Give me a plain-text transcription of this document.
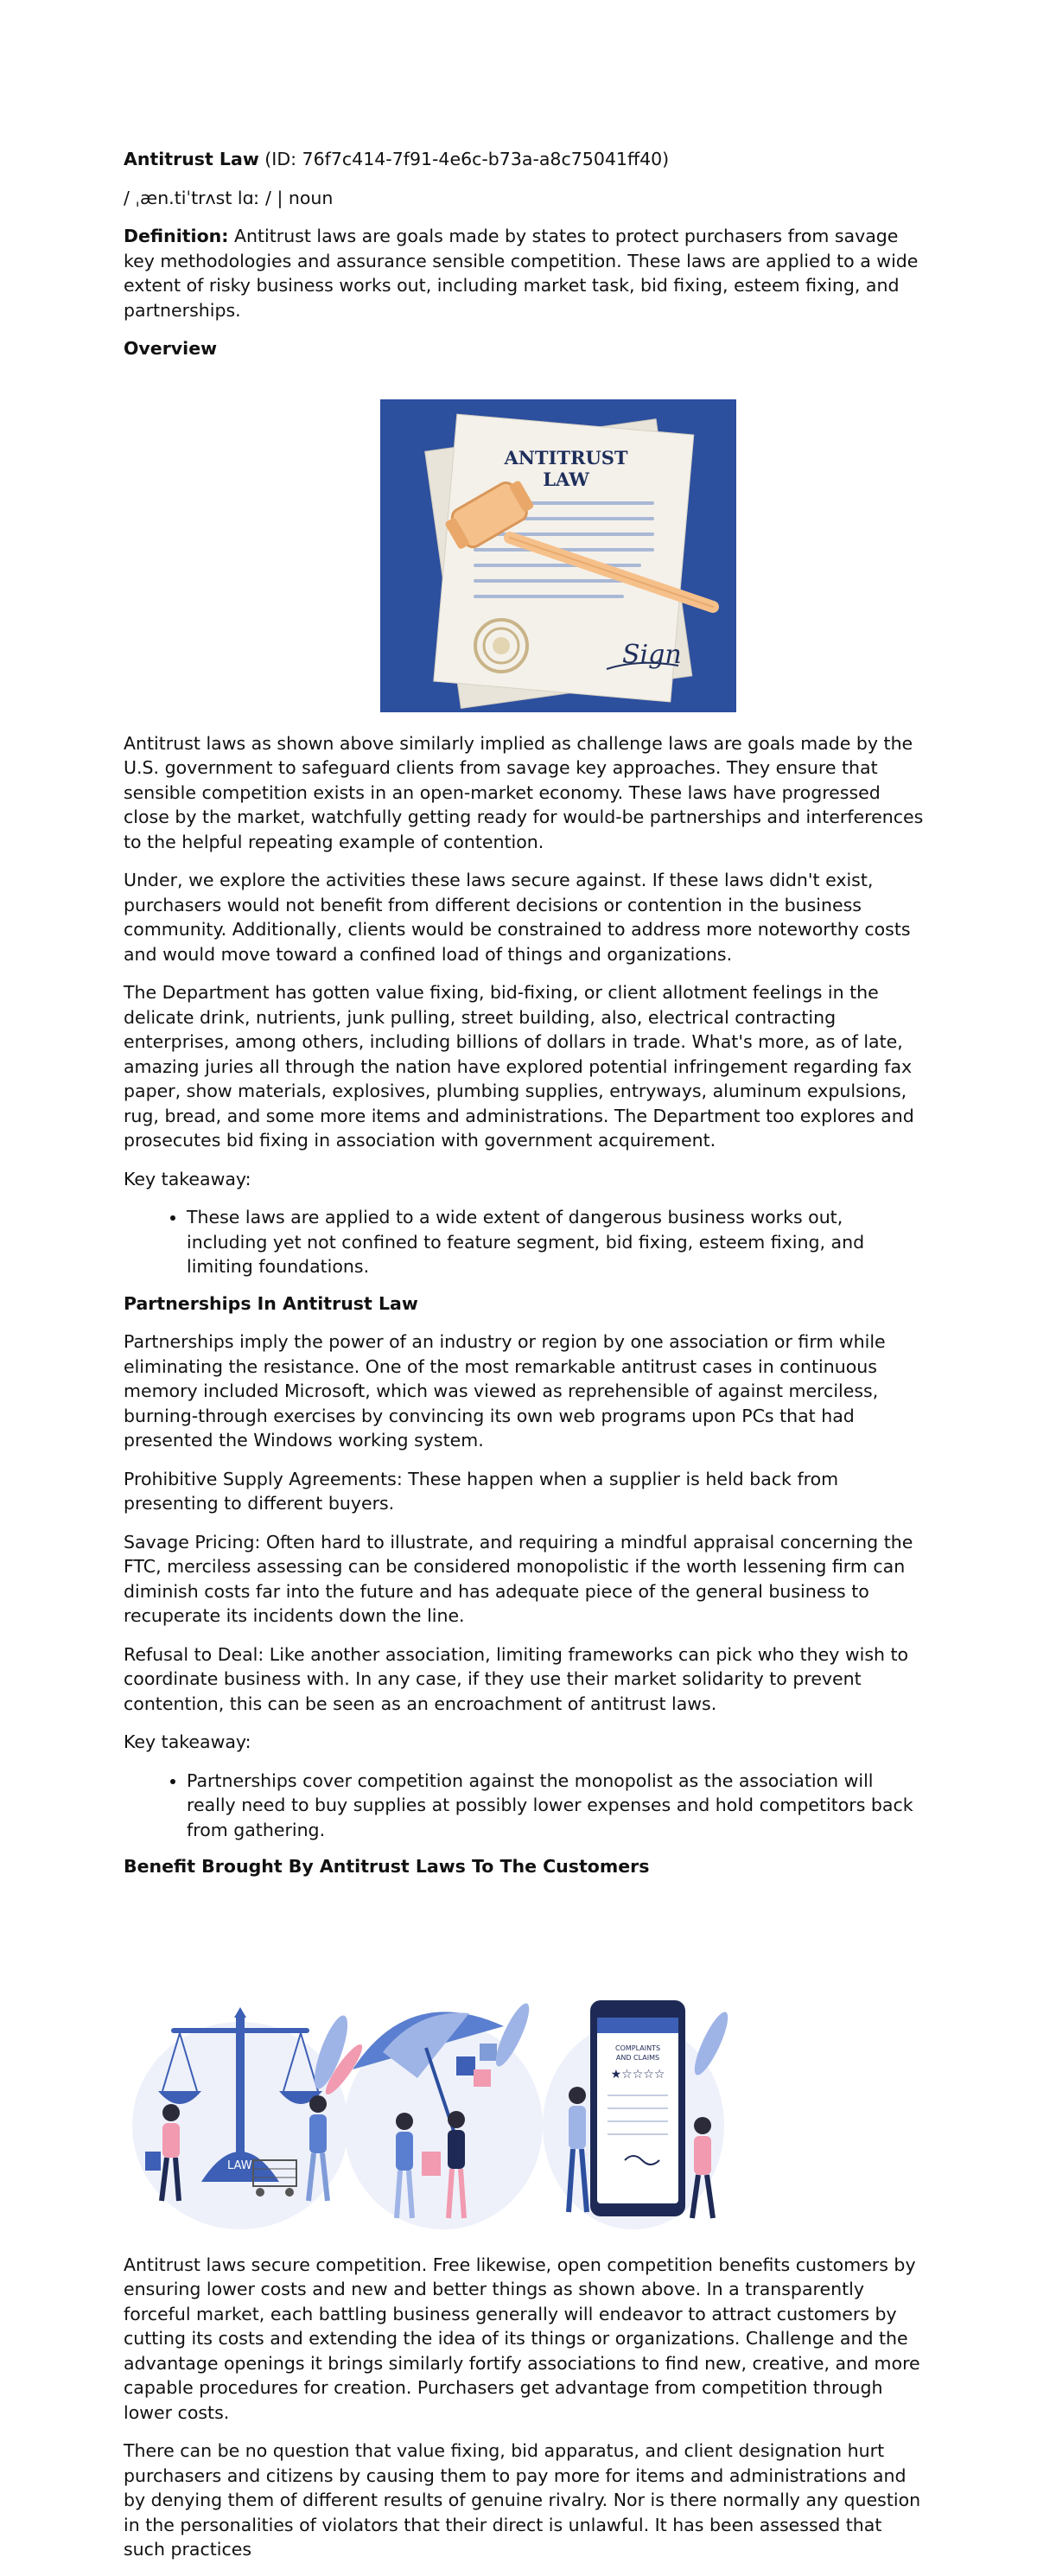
Antitrust Law (ID: 76f7c414-7f91-4e6c-b73a-a8c75041ff40)

/ ˌæn.tiˈtrʌst lɑː / | noun

Definition: Antitrust laws are goals made by states to protect purchasers from savage key methodologies and assurance sensible competition. These laws are applied to a wide extent of risky business works out, including market task, bid fixing, esteem fixing, and partnerships.

Overview
ANTITRUST
LAW
Sign

Antitrust laws as shown above similarly implied as challenge laws are goals made by the U.S. government to safeguard clients from savage key approaches. They ensure that sensible competition exists in an open-market economy. These laws have progressed close by the market, watchfully getting ready for would-be partnerships and interferences to the helpful repeating example of contention.

Under, we explore the activities these laws secure against. If these laws didn't exist, purchasers would not benefit from different decisions or contention in the business community. Additionally, clients would be constrained to address more noteworthy costs and would move toward a confined load of things and organizations.

The Department has gotten value fixing, bid-fixing, or client allotment feelings in the delicate drink, nutrients, junk pulling, street building, also, electrical contracting enterprises, among others, including billions of dollars in trade. What's more, as of late, amazing juries all through the nation have explored potential infringement regarding fax paper, show materials, explosives, plumbing supplies, entryways, aluminum expulsions, rug, bread, and some more items and administrations. The Department too explores and prosecutes bid fixing in association with government acquirement.

Key takeaway:

• These laws are applied to a wide extent of dangerous business works out, including yet not confined to feature segment, bid fixing, esteem fixing, and limiting foundations.
Partnerships In Antitrust Law

Partnerships imply the power of an industry or region by one association or firm while eliminating the resistance. One of the most remarkable antitrust cases in continuous memory included Microsoft, which was viewed as reprehensible of against merciless, burning-through exercises by convincing its own web programs upon PCs that had presented the Windows working system.

Prohibitive Supply Agreements: These happen when a supplier is held back from presenting to different buyers.

Savage Pricing: Often hard to illustrate, and requiring a mindful appraisal concerning the FTC, merciless assessing can be considered monopolistic if the worth lessening firm can diminish costs far into the future and has adequate piece of the general business to recuperate its incidents down the line.

Refusal to Deal: Like another association, limiting frameworks can pick who they wish to coordinate business with. In any case, if they use their market solidarity to prevent contention, this can be seen as an encroachment of antitrust laws.

Key takeaway:

• Partnerships cover competition against the monopolist as the association will really need to buy supplies at possibly lower expenses and hold competitors back from gathering.
Benefit Brought By Antitrust Laws To The Customers
LAW
COMPLAINTS
AND CLAIMS
★☆☆☆☆

Antitrust laws secure competition. Free likewise, open competition benefits customers by ensuring lower costs and new and better things as shown above. In a transparently forceful market, each battling business generally will endeavor to attract customers by cutting its costs and extending the idea of its things or organizations. Challenge and the advantage openings it brings similarly fortify associations to find new, creative, and more capable procedures for creation. Purchasers get advantage from competition through lower costs.

There can be no question that value fixing, bid apparatus, and client designation hurt purchasers and citizens by causing them to pay more for items and administrations and by denying them of different results of genuine rivalry. Nor is there normally any question in the personalities of violators that their direct is unlawful. It has been assessed that such practices
